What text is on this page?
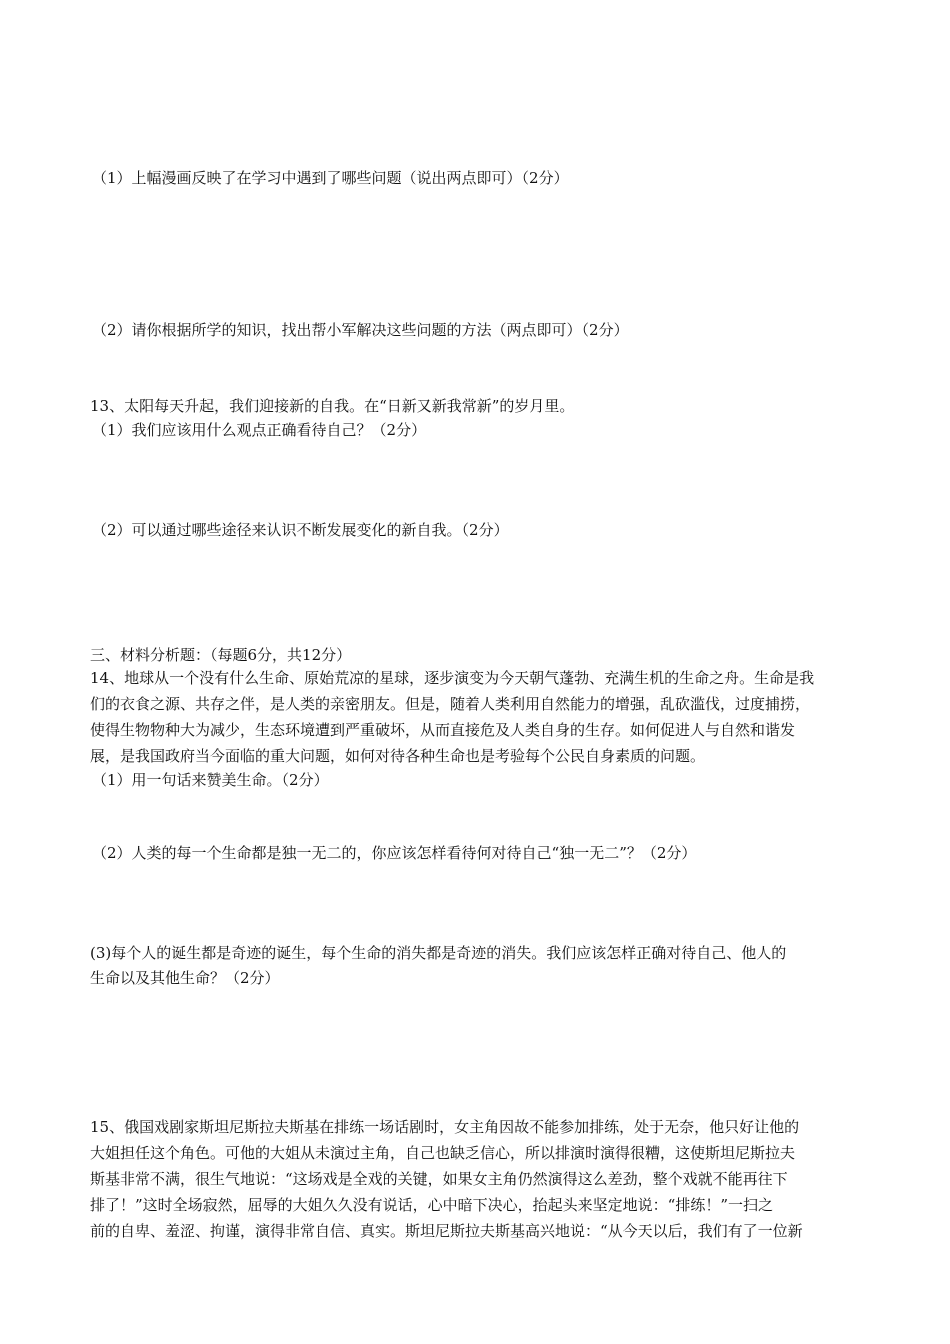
（1）上幅漫画反映了在学习中遇到了哪些问题（说出两点即可）（2分）
（2）请你根据所学的知识，找出帮小军解决这些问题的方法（两点即可）（2分）
13、太阳每天升起，我们迎接新的自我。在“日新又新我常新”的岁月里。
（1）我们应该用什么观点正确看待自己？（2分）
（2）可以通过哪些途径来认识不断发展变化的新自我。（2分）
三、材料分析题：（每题6分，共12分）
14、地球从一个没有什么生命、原始荒凉的星球，逐步演变为今天朝气蓬勃、充满生机的生命之舟。生命是我
们的衣食之源、共存之伴，是人类的亲密朋友。但是，随着人类利用自然能力的增强，乱砍滥伐，过度捕捞，
使得生物物种大为减少，生态环境遭到严重破坏，从而直接危及人类自身的生存。如何促进人与自然和谐发
展，是我国政府当今面临的重大问题，如何对待各种生命也是考验每个公民自身素质的问题。
（1）用一句话来赞美生命。（2分）
（2）人类的每一个生命都是独一无二的，你应该怎样看待何对待自己“独一无二”？（2分）
(3)每个人的诞生都是奇迹的诞生，每个生命的消失都是奇迹的消失。我们应该怎样正确对待自己、他人的
生命以及其他生命？（2分）
15、俄国戏剧家斯坦尼斯拉夫斯基在排练一场话剧时，女主角因故不能参加排练，处于无奈，他只好让他的
大姐担任这个角色。可他的大姐从未演过主角，自己也缺乏信心，所以排演时演得很糟，这使斯坦尼斯拉夫
斯基非常不满，很生气地说：“这场戏是全戏的关键，如果女主角仍然演得这么差劲，整个戏就不能再往下
排了！”这时全场寂然，屈辱的大姐久久没有说话，心中暗下决心，抬起头来坚定地说：“排练！”一扫之
前的自卑、羞涩、拘谨，演得非常自信、真实。斯坦尼斯拉夫斯基高兴地说：“从今天以后，我们有了一位新
